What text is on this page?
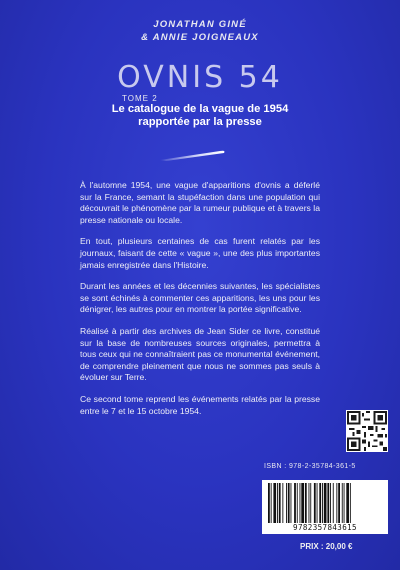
JONATHAN GINÉ
& ANNIE JOIGNEAUX
OVNIS 54
TOME 2
Le catalogue de la vague de 1954
rapportée par la presse

À l'automne 1954, une vague d'apparitions d'ovnis a déferlé sur la France, semant la stupéfaction dans une population qui découvrait le phénomène par la rumeur publique et à travers la presse nationale ou locale.

En tout, plusieurs centaines de cas furent relatés par les journaux, faisant de cette « vague », une des plus importantes jamais enregistrée dans l'Histoire.

Durant les années et les décennies suivantes, les spécialistes se sont échinés à commenter ces apparitions, les uns pour les dénigrer, les autres pour en montrer la portée significative.

Réalisé à partir des archives de Jean Sider ce livre, constitué sur la base de nombreuses sources originales, permettra à tous ceux qui ne connaîtraient pas ce monumental événement, de comprendre pleinement que nous ne sommes pas seuls à évoluer sur Terre.

Ce second tome reprend les événements relatés par la presse entre le 7 et le 15 octobre 1954.

ISBN : 978-2-35784-361-5
9782357843615
PRIX : 20,00 €
